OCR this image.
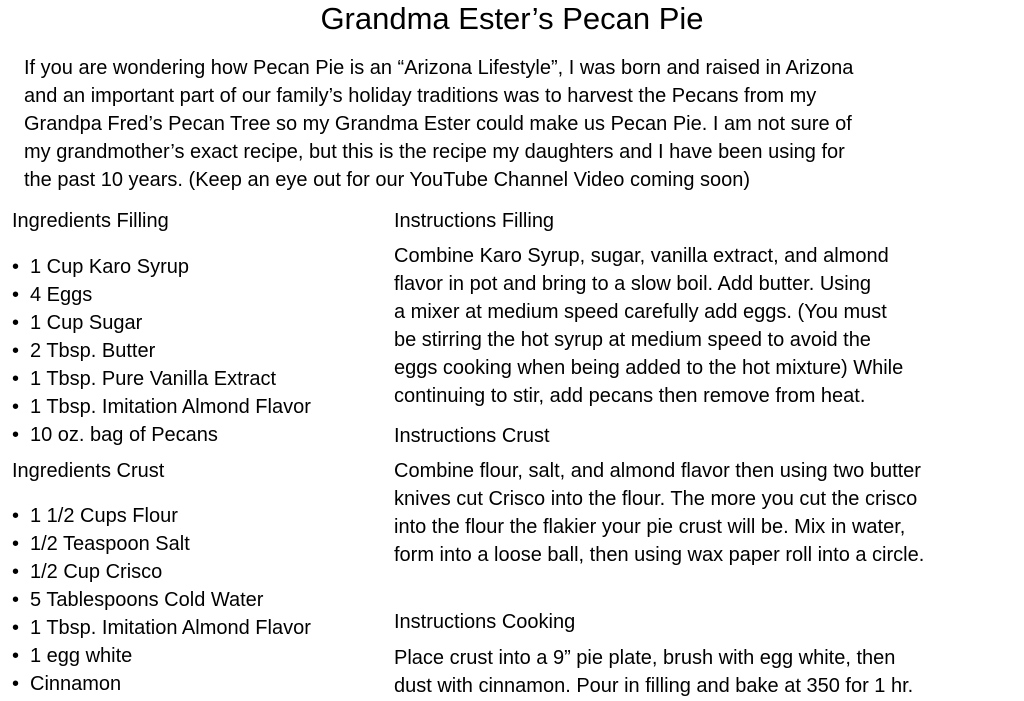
Grandma Ester’s Pecan Pie
If you are wondering how Pecan Pie is an “Arizona Lifestyle”, I was born and raised in Arizona
and an important part of our family’s holiday traditions was to harvest the Pecans from my
Grandpa Fred’s Pecan Tree so my Grandma Ester could make us Pecan Pie. I am not sure of
my grandmother’s exact recipe, but this is the recipe my daughters and I have been using for
the past 10 years. (Keep an eye out for our YouTube Channel Video coming soon)
Ingredients Filling
• 1 Cup Karo Syrup
• 4 Eggs
• 1 Cup Sugar
• 2 Tbsp. Butter
• 1 Tbsp. Pure Vanilla Extract
• 1 Tbsp. Imitation Almond Flavor
• 10 oz. bag of Pecans
Ingredients Crust
• 1 1/2 Cups Flour
• 1/2 Teaspoon Salt
• 1/2 Cup Crisco
• 5 Tablespoons Cold Water
• 1 Tbsp. Imitation Almond Flavor
• 1 egg white
• Cinnamon
Instructions Filling
Combine Karo Syrup, sugar, vanilla extract, and almond
flavor in pot and bring to a slow boil. Add butter. Using
a mixer at medium speed carefully add eggs. (You must
be stirring the hot syrup at medium speed to avoid the
eggs cooking when being added to the hot mixture) While
continuing to stir, add pecans then remove from heat.
Instructions Crust
Combine flour, salt, and almond flavor then using two butter
knives cut Crisco into the flour. The more you cut the crisco
into the flour the flakier your pie crust will be. Mix in water,
form into a loose ball, then using wax paper roll into a circle.
Instructions Cooking
Place crust into a 9” pie plate, brush with egg white, then
dust with cinnamon. Pour in filling and bake at 350 for 1 hr.
